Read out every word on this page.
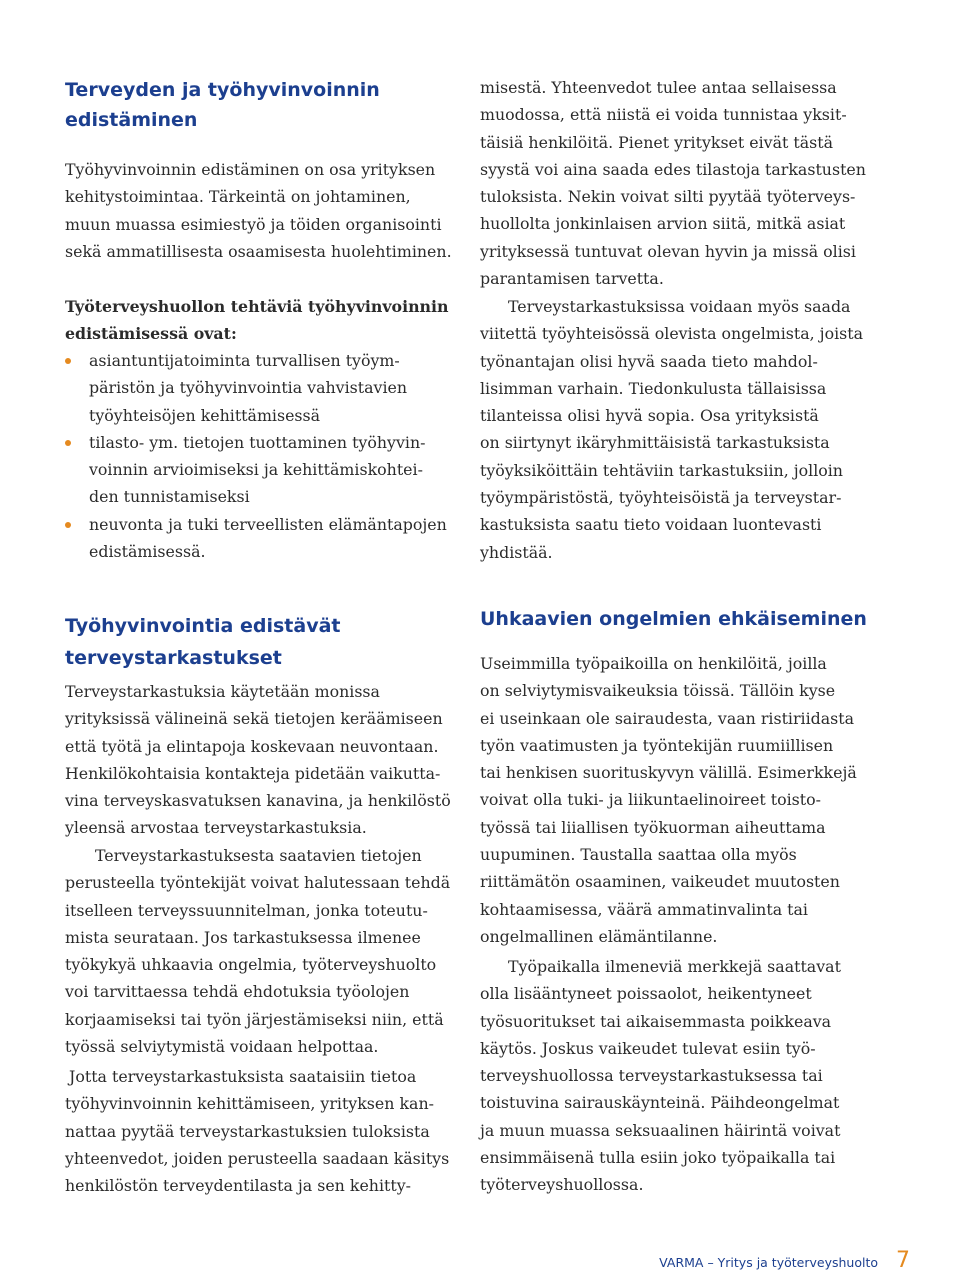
Terveyden ja työhyvinvoinnin
edistäminen

Työhyvinvoinnin edistäminen on osa yrityksen
kehitystoimintaa. Tärkeintä on johtaminen,
muun muassa esimiestyö ja töiden organisointi
sekä ammatillisesta osaamisesta huolehtiminen.

Työterveyshuollon tehtäviä työhyvinvoinnin
edistämisessä ovat:

asiantuntijatoiminta turvallisen työym-
päristön ja työhyvinvointia vahvistavien
työyhteisöjen kehittämisessä
tilasto- ym. tietojen tuottaminen työhyvin-
voinnin arvioimiseksi ja kehittämiskohtei-
den tunnistamiseksi
neuvonta ja tuki terveellisten elämäntapojen
edistämisessä.
Työhyvinvointia edistävät
terveystarkastukset

Terveystarkastuksia käytetään monissa
yrityksissä välineinä sekä tietojen keräämiseen
että työtä ja elintapoja koskevaan neuvontaan.
Henkilökohtaisia kontakteja pidetään vaikutta-
vina terveyskasvatuksen kanavina, ja henkilöstö
yleensä arvostaa terveystarkastuksia.

Terveystarkastuksesta saatavien tietojen
perusteella työntekijät voivat halutessaan tehdä
itselleen terveyssuunnitelman, jonka toteutu-
mista seurataan. Jos tarkastuksessa ilmenee
työkykyä uhkaavia ongelmia, työterveyshuolto
voi tarvittaessa tehdä ehdotuksia työolojen
korjaamiseksi tai työn järjestämiseksi niin, että
työssä selviytymistä voidaan helpottaa.

Jotta terveystarkastuksista saataisiin tietoa
työhyvinvoinnin kehittämiseen, yrityksen kan-
nattaa pyytää terveystarkastuksien tuloksista
yhteenvedot, joiden perusteella saadaan käsitys
henkilöstön terveydentilasta ja sen kehitty-

misestä. Yhteenvedot tulee antaa sellaisessa
muodossa, että niistä ei voida tunnistaa yksit-
täisiä henkilöitä. Pienet yritykset eivät tästä
syystä voi aina saada edes tilastoja tarkastusten
tuloksista. Nekin voivat silti pyytää työterveys-
huollolta jonkinlaisen arvion siitä, mitkä asiat
yrityksessä tuntuvat olevan hyvin ja missä olisi
parantamisen tarvetta.

Terveystarkastuksissa voidaan myös saada
viitettä työyhteisössä olevista ongelmista, joista
työnantajan olisi hyvä saada tieto mahdol-
lisimman varhain. Tiedonkulusta tällaisissa
tilanteissa olisi hyvä sopia. Osa yrityksistä
on siirtynyt ikäryhmittäisistä tarkastuksista
työyksiköittäin tehtäviin tarkastuksiin, jolloin
työympäristöstä, työyhteisöistä ja terveystar-
kastuksista saatu tieto voidaan luontevasti
yhdistää.

Uhkaavien ongelmien ehkäiseminen

Useimmilla työpaikoilla on henkilöitä, joilla
on selviytymisvaikeuksia töissä. Tällöin kyse
ei useinkaan ole sairaudesta, vaan ristiriidasta
työn vaatimusten ja työntekijän ruumiillisen
tai henkisen suorituskyvyn välillä. Esimerkkejä
voivat olla tuki- ja liikuntaelinoireet toisto-
työssä tai liiallisen työkuorman aiheuttama
uupuminen. Taustalla saattaa olla myös
riittämätön osaaminen, vaikeudet muutosten
kohtaamisessa, väärä ammatinvalinta tai
ongelmallinen elämäntilanne.

Työpaikalla ilmeneviä merkkejä saattavat
olla lisääntyneet poissaolot, heikentyneet
työsuoritukset tai aikaisemmasta poikkeava
käytös. Joskus vaikeudet tulevat esiin työ-
terveyshuollossa terveystarkastuksessa tai
toistuvina sairauskäynteinä. Päihdeongelmat
ja muun muassa seksuaalinen häirintä voivat
ensimmäisenä tulla esiin joko työpaikalla tai
työterveyshuollossa.

VARMA – Yritys ja työterveyshuolto 7
